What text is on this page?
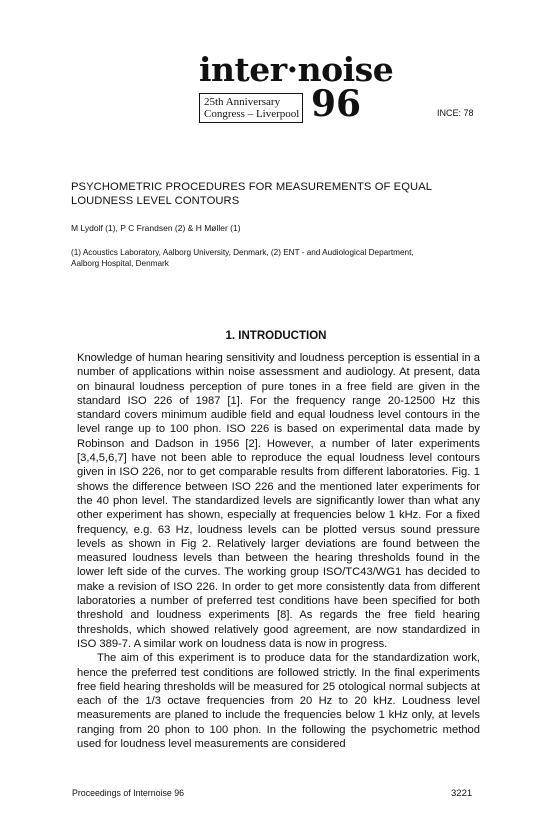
inter·noise
25th Anniversary
Congress – Liverpool 96	INCE: 78
PSYCHOMETRIC PROCEDURES FOR MEASUREMENTS OF EQUAL
LOUDNESS LEVEL CONTOURS
M Lydolf (1), P C Frandsen (2) & H Møller (1)
(1) Acoustics Laboratory, Aalborg University, Denmark, (2) ENT - and Audiological Department,
Aalborg Hospital, Denmark
1. INTRODUCTION

Knowledge of human hearing sensitivity and loudness perception is essential in a number of applications within noise assessment and audiology. At present, data on binaural loudness perception of pure tones in a free field are given in the standard ISO 226 of 1987 [1]. For the frequency range 20-12500 Hz this standard covers minimum audible field and equal loudness level contours in the level range up to 100 phon. ISO 226 is based on experimental data made by Robinson and Dadson in 1956 [2]. However, a number of later experiments [3,4,5,6,7] have not been able to reproduce the equal loudness level contours given in ISO 226, nor to get comparable results from different laboratories. Fig. 1 shows the difference between ISO 226 and the mentioned later experiments for the 40 phon level. The standardized levels are significantly lower than what any other experiment has shown, especially at frequencies below 1 kHz. For a fixed frequency, e.g. 63 Hz, loudness levels can be plotted versus sound pressure levels as shown in Fig 2. Relatively larger deviations are found between the measured loudness levels than between the hearing thresholds found in the lower left side of the curves. The working group ISO/TC43/WG1 has decided to make a revision of ISO 226. In order to get more consistently data from different laboratories a number of preferred test conditions have been specified for both threshold and loudness experiments [8]. As regards the free field hearing thresholds, which showed relatively good agreement, are now standardized in ISO 389-7. A similar work on loudness data is now in progress.

The aim of this experiment is to produce data for the standardization work, hence the preferred test conditions are followed strictly. In the final experiments free field hearing thresholds will be measured for 25 otological normal subjects at each of the 1/3 octave frequencies from 20 Hz to 20 kHz. Loudness level measurements are planed to include the frequencies below 1 kHz only, at levels ranging from 20 phon to 100 phon. In the following the psychometric method used for loudness level measurements are considered

Proceedings of Internoise 96	3221
